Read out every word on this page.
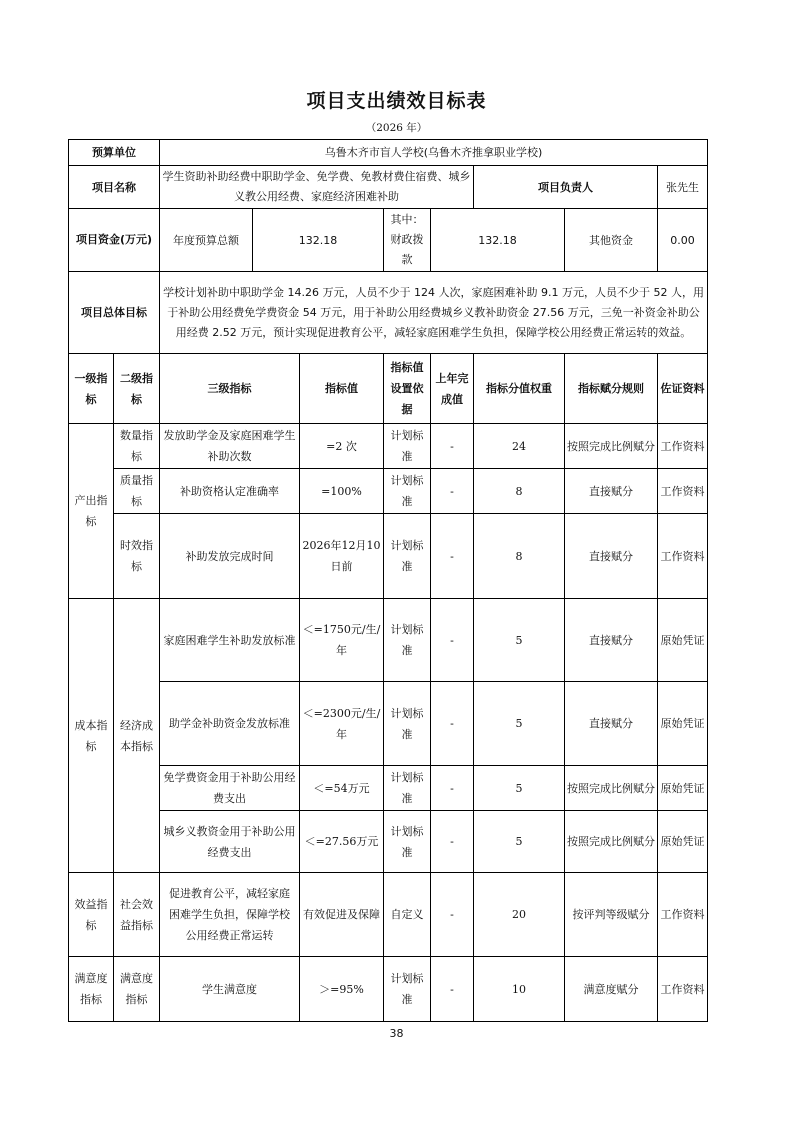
项目支出绩效目标表
（2026 年）
预算单位		乌鲁木齐市盲人学校(乌鲁木齐推拿职业学校)							
项目名称		学生资助补助经费中职助学金、免学费、免教材费住宿费、城乡义教公用经费、家庭经济困难补助					项目负责人		张先生
项目资金(万元)		年度预算总额	132.18		其中：财政拨款	132.18		其他资金	0.00
项目总体目标		学校计划补助中职助学金 14.26 万元，人员不少于 124 人次，家庭困难补助 9.1 万元，人员不少于 52 人，用于补助公用经费免学费资金 54 万元，用于补助公用经费城乡义教补助资金 27.56 万元，三免一补资金补助公用经费 2.52 万元，预计实现促进教育公平，减轻家庭困难学生负担，保障学校公用经费正常运转的效益。							
一级指标	二级指标	三级指标		指标值	指标值设置依据	上年完成值	指标分值权重	指标赋分规则	佐证资料
产出指标	数量指标	发放助学金及家庭困难学生补助次数		=2 次	计划标准	-	24	按照完成比例赋分	工作资料
	质量指标	补助资格认定准确率		=100%	计划标准	-	8	直接赋分	工作资料
	时效指标	补助发放完成时间		2026年12月10日前	计划标准	-	8	直接赋分	工作资料
成本指标	经济成本指标	家庭困难学生补助发放标准		＜=1750元/生/年	计划标准	-	5	直接赋分	原始凭证
		助学金补助资金发放标准		＜=2300元/生/年	计划标准	-	5	直接赋分	原始凭证
		免学费资金用于补助公用经费支出		＜=54万元	计划标准	-	5	按照完成比例赋分	原始凭证
		城乡义教资金用于补助公用经费支出		＜=27.56万元	计划标准	-	5	按照完成比例赋分	原始凭证
效益指标	社会效益指标	促进教育公平，减轻家庭困难学生负担，保障学校公用经费正常运转		有效促进及保障	自定义	-	20	按评判等级赋分	工作资料
满意度指标	满意度指标	学生满意度		＞=95%	计划标准	-	10	满意度赋分	工作资料
38
